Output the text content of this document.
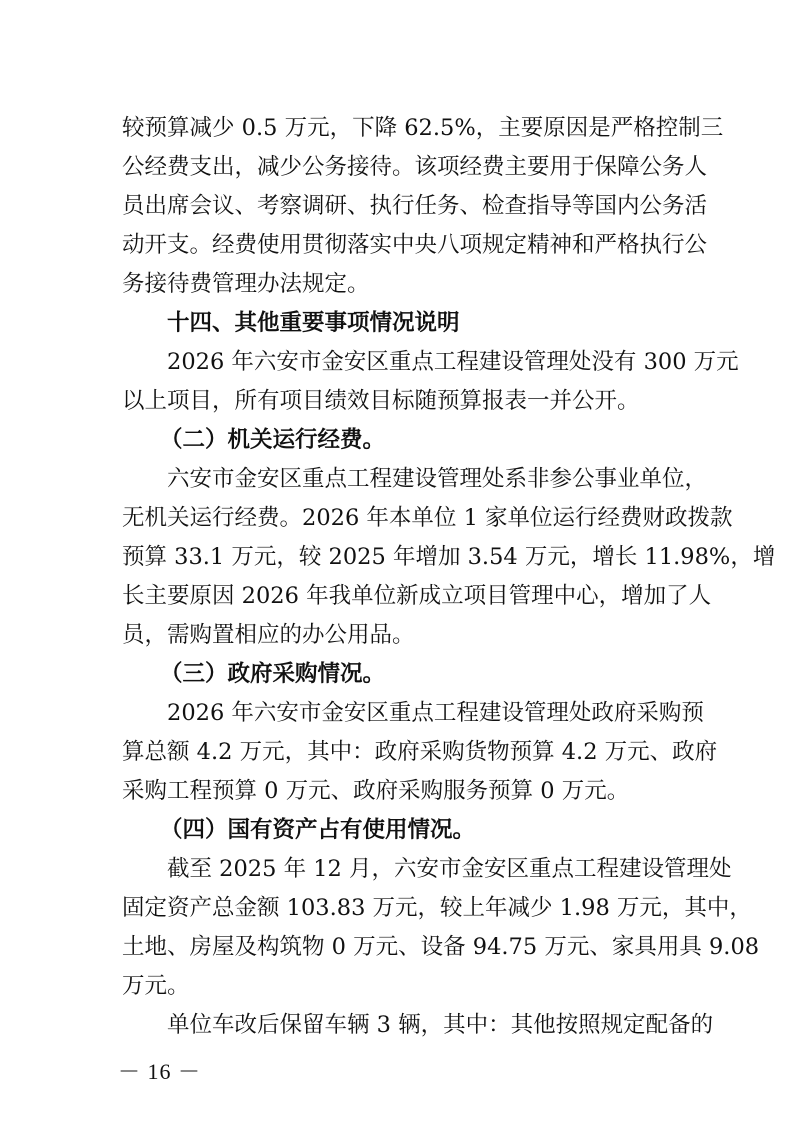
较预算减少 0.5 万元，下降 62.5%，主要原因是严格控制三
公经费支出，减少公务接待。该项经费主要用于保障公务人
员出席会议、考察调研、执行任务、检查指导等国内公务活
动开支。经费使用贯彻落实中央八项规定精神和严格执行公
务接待费管理办法规定。
十四、其他重要事项情况说明
2026 年六安市金安区重点工程建设管理处没有 300 万元
以上项目，所有项目绩效目标随预算报表一并公开。
（二）机关运行经费。
六安市金安区重点工程建设管理处系非参公事业单位，
无机关运行经费。2026 年本单位 1 家单位运行经费财政拨款
预算 33.1 万元，较 2025 年增加 3.54 万元，增长 11.98%，增
长主要原因 2026 年我单位新成立项目管理中心，增加了人
员，需购置相应的办公用品。
（三）政府采购情况。
2026 年六安市金安区重点工程建设管理处政府采购预
算总额 4.2 万元，其中：政府采购货物预算 4.2 万元、政府
采购工程预算 0 万元、政府采购服务预算 0 万元。
（四）国有资产占有使用情况。
截至 2025 年 12 月，六安市金安区重点工程建设管理处
固定资产总金额 103.83 万元，较上年减少 1.98 万元，其中，
土地、房屋及构筑物 0 万元、设备 94.75 万元、家具用具 9.08
万元。
单位车改后保留车辆 3 辆，其中：其他按照规定配备的
－ 16 －
